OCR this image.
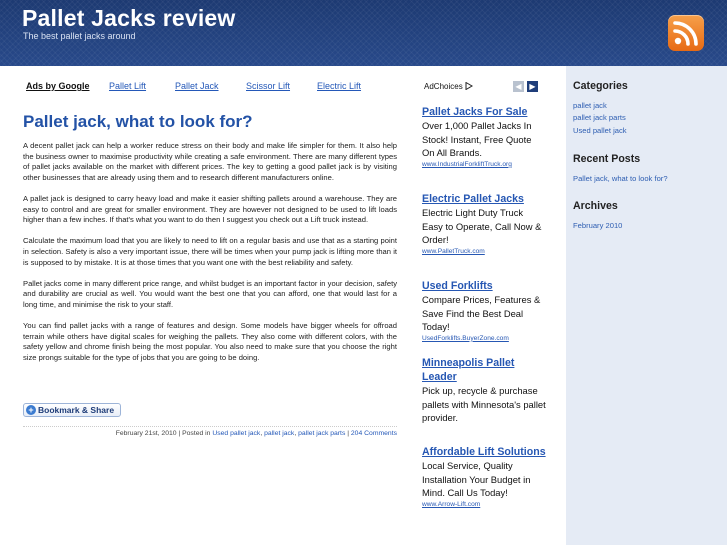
Pallet Jacks review
The best pallet jacks around
Ads by Google Pallet Lift	Pallet Jack	Scissor Lift	Electric Lift
Pallet jack, what to look for?

A decent pallet jack can help a worker reduce stress on their body and make life simpler for them. It also help the business owner to maximise productivity while creating a safe environment. There are many different types of pallet jacks available on the market with different prices. The key to getting a good pallet jack is by visiting other businesses that are already using them and to research different manufacturers online.

A pallet jack is designed to carry heavy load and make it easier shifting pallets around a warehouse. They are easy to control and are great for smaller environment. They are however not designed to be used to lift loads higher than a few inches. If that's what you want to do then I suggest you check out a Lift truck instead.

Calculate the maximum load that you are likely to need to lift on a regular basis and use that as a starting point in selection. Safety is also a very important issue, there will be times when your pump jack is lifting more than it is supposed to by mistake. It is at those times that you want one with the best reliability and safety.

Pallet jacks come in many different price range, and whilst budget is an important factor in your decision, safety and durability are crucial as well. You would want the best one that you can afford, one that would last for a long time, and minimise the risk to your staff.

You can find pallet jacks with a range of features and design. Some models have bigger wheels for offroad terrain while others have digital scales for weighing the pallets. They also come with different colors, with the safety yellow and chrome finish being the most popular. You also need to make sure that you choose the right size prongs suitable for the type of jobs that you are going to be doing.

+ Bookmark & Share
February 21st, 2010 | Posted in Used pallet jack, pallet jack, pallet jack parts | 204 Comments
AdChoices	◀ ▶
Pallet Jacks For Sale
Over 1,000 Pallet Jacks In Stock! Instant, Free Quote On All Brands.
www.IndustrialForkliftTruck.org
Electric Pallet Jacks
Electric Light Duty Truck Easy to Operate, Call Now & Order!
www.PalletTruck.com
Used Forklifts
Compare Prices, Features & Save Find the Best Deal Today!
UsedForklifts.BuyerZone.com
Minneapolis Pallet Leader
Pick up, recycle & purchase pallets with Minnesota's pallet provider.
Affordable Lift Solutions
Local Service, Quality Installation Your Budget in Mind. Call Us Today!
www.Arrow-Lift.com
Categories
pallet jack
pallet jack parts
Used pallet jack
Recent Posts
Pallet jack, what to look for?
Archives
February 2010
